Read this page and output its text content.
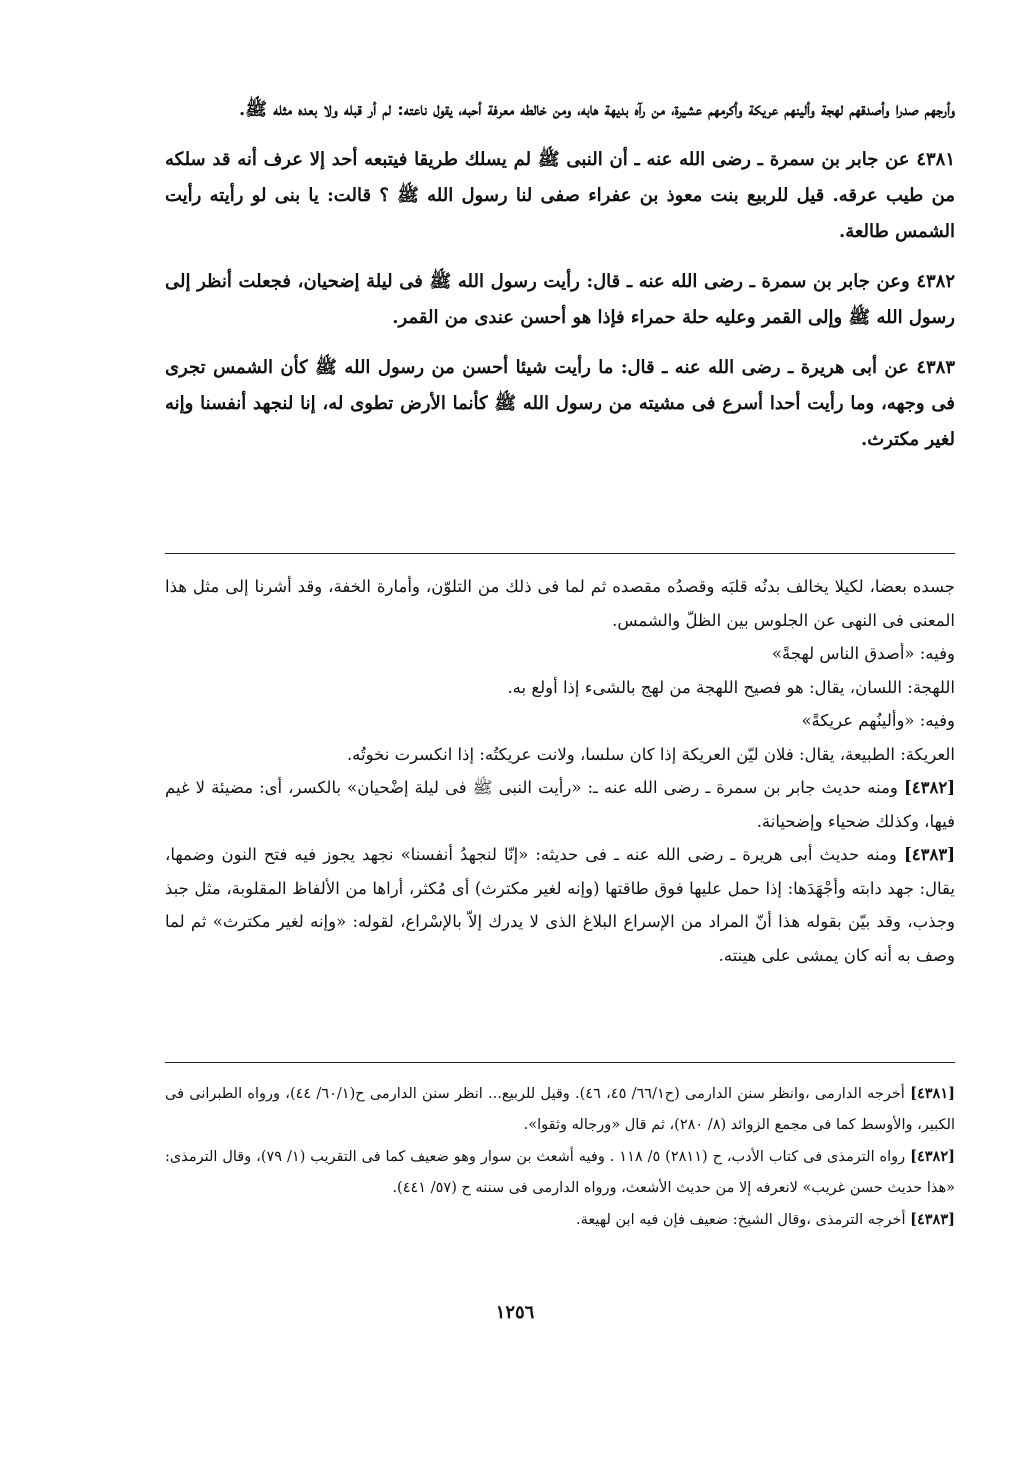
وأرجهم صدرا وأصدقهم لهجة وألينهم عريكة وأكرمهم عشيرة، من رآه بديهة هابه، ومن خالطه معرفة أحبه، يقول ناعته: لم أر قبله ولا بعده مثله ﷺ.

٤٣٨١ عن جابر بن سمرة ـ رضى الله عنه ـ أن النبى ﷺ لم يسلك طريقا فيتبعه أحد إلا عرف أنه قد سلكه من طيب عرقه. قيل للربيع بنت معوذ بن عفراء صفى لنا رسول الله ﷺ ؟ قالت: يا بنى لو رأيته رأيت الشمس طالعة.

٤٣٨٢ وعن جابر بن سمرة ـ رضى الله عنه ـ قال: رأيت رسول الله ﷺ فى ليلة إضحيان، فجعلت أنظر إلى رسول الله ﷺ وإلى القمر وعليه حلة حمراء فإذا هو أحسن عندى من القمر.

٤٣٨٣ عن أبى هريرة ـ رضى الله عنه ـ قال: ما رأيت شيئا أحسن من رسول الله ﷺ كأن الشمس تجرى فى وجهه، وما رأيت أحدا أسرع فى مشيته من رسول الله ﷺ كأنما الأرض تطوى له، إنا لنجهد أنفسنا وإنه لغير مكترث.

جسده بعضا، لكيلا يخالف بدنُه قلبَه وقصدُه مقصده ثم لما فى ذلك من التلوّن، وأمارة الخفة، وقد أشرنا إلى مثل هذا المعنى فى النهى عن الجلوس بين الظلّ والشمس.

وفيه: «أصدق الناس لهجةً»

اللهجة: اللسان، يقال: هو فصيح اللهجة من لهج بالشىء إذا أولع به.

وفيه: «وألينُهم عريكةً»

العريكة: الطبيعة، يقال: فلان ليّن العريكة إذا كان سلسا، ولانت عريكتُه: إذا انكسرت نخوتُه.

[٤٣٨٢] ومنه حديث جابر بن سمرة ـ رضى الله عنه ـ: «رأيت النبى ﷺ فى ليلة إضْحيان» بالكسر، أى: مضيئة لا غيم فيها، وكذلك ضحياء وإضحيانة.

[٤٣٨٣] ومنه حديث أبى هريرة ـ رضى الله عنه ـ فى حديثه: «إنّا لنجهدُ أنفسنا» نجهد يجوز فيه فتح النون وضمها، يقال: جهد دابته وأجْهَدَها: إذا حمل عليها فوق طاقتها (وإنه لغير مكترث) أى مُكثر، أراها من الألفاظ المقلوبة، مثل جبذ وجذب، وقد بيّن بقوله هذا أنّ المراد من الإسراع البلاغ الذى لا يدرك إلاّ بالإسْراع، لقوله: «وإنه لغير مكترث» ثم لما وصف به أنه كان يمشى على هينته.

[٤٣٨١] أخرجه الدارمى ،وانظر سنن الدارمى (ح٦٦/١/ ٤٥، ٤٦). وقيل للربيع... انظر سنن الدارمى ح(٦٠/١/ ٤٤)، ورواه الطبرانى فى الكبير، والأوسط كما فى مجمع الزوائد (٨/ ٢٨٠)، ثم قال «ورجاله وثقوا».

[٤٣٨٢] رواه الترمذى فى كتاب الأدب، ح (٢٨١١) ٥/ ١١٨ . وفيه أشعث بن سوار وهو ضعيف كما فى التقريب (١/ ٧٩)، وقال الترمذى: «هذا حديث حسن غريب» لانعرفه إلا من حديث الأشعث، ورواه الدارمى فى سننه ح (٥٧/ ٤٤١).

[٤٣٨٣] أخرجه الترمذى ،وقال الشيخ: ضعيف فإن فيه ابن لهيعة.

١٢٥٦
